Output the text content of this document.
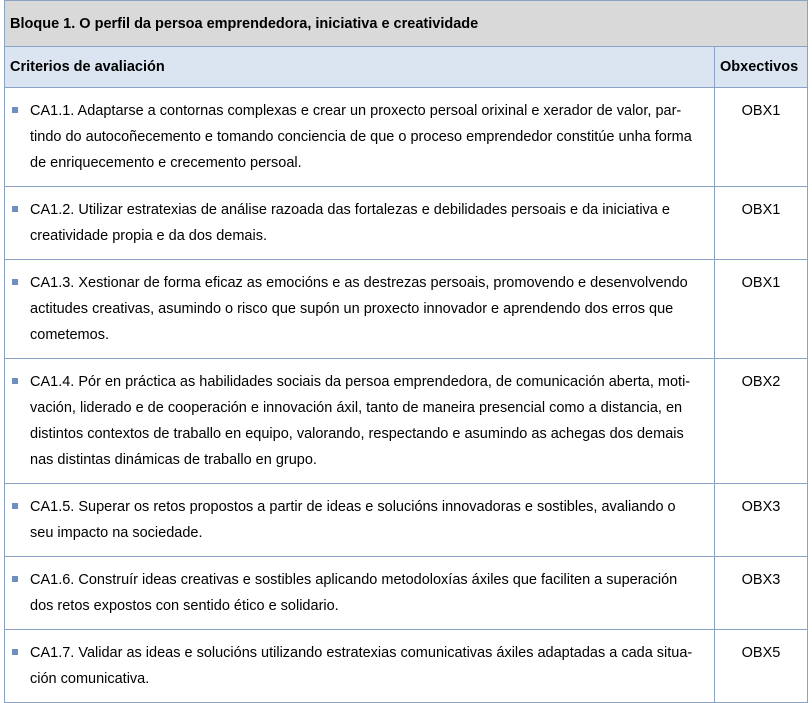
Bloque 1. O perfil da persoa emprendedora, iniciativa e creatividade	
Criterios de avaliación	Obxectivos

CA1.1. Adaptarse a contornas complexas e crear un proxecto persoal orixinal e xerador de valor, par-
tindo do autocoñecemento e tomando conciencia de que o proceso emprendedor constitúe unha forma
de enriquecemento e crecemento persoal.	OBX1

CA1.2. Utilizar estratexias de análise razoada das fortalezas e debilidades persoais e da iniciativa e
creatividade propia e da dos demais.	OBX1

CA1.3. Xestionar de forma eficaz as emocións e as destrezas persoais, promovendo e desenvolvendo
actitudes creativas, asumindo o risco que supón un proxecto innovador e aprendendo dos erros que
cometemos.	OBX1

CA1.4. Pór en práctica as habilidades sociais da persoa emprendedora, de comunicación aberta, moti-
vación, liderado e de cooperación e innovación áxil, tanto de maneira presencial como a distancia, en
distintos contextos de traballo en equipo, valorando, respectando e asumindo as achegas dos demais
nas distintas dinámicas de traballo en grupo.	OBX2

CA1.5. Superar os retos propostos a partir de ideas e solucións innovadoras e sostibles, avaliando o
seu impacto na sociedade.	OBX3

CA1.6. Construír ideas creativas e sostibles aplicando metodoloxías áxiles que faciliten a superación
dos retos expostos con sentido ético e solidario.	OBX3

CA1.7. Validar as ideas e solucións utilizando estratexias comunicativas áxiles adaptadas a cada situa-
ción comunicativa.	OBX5
